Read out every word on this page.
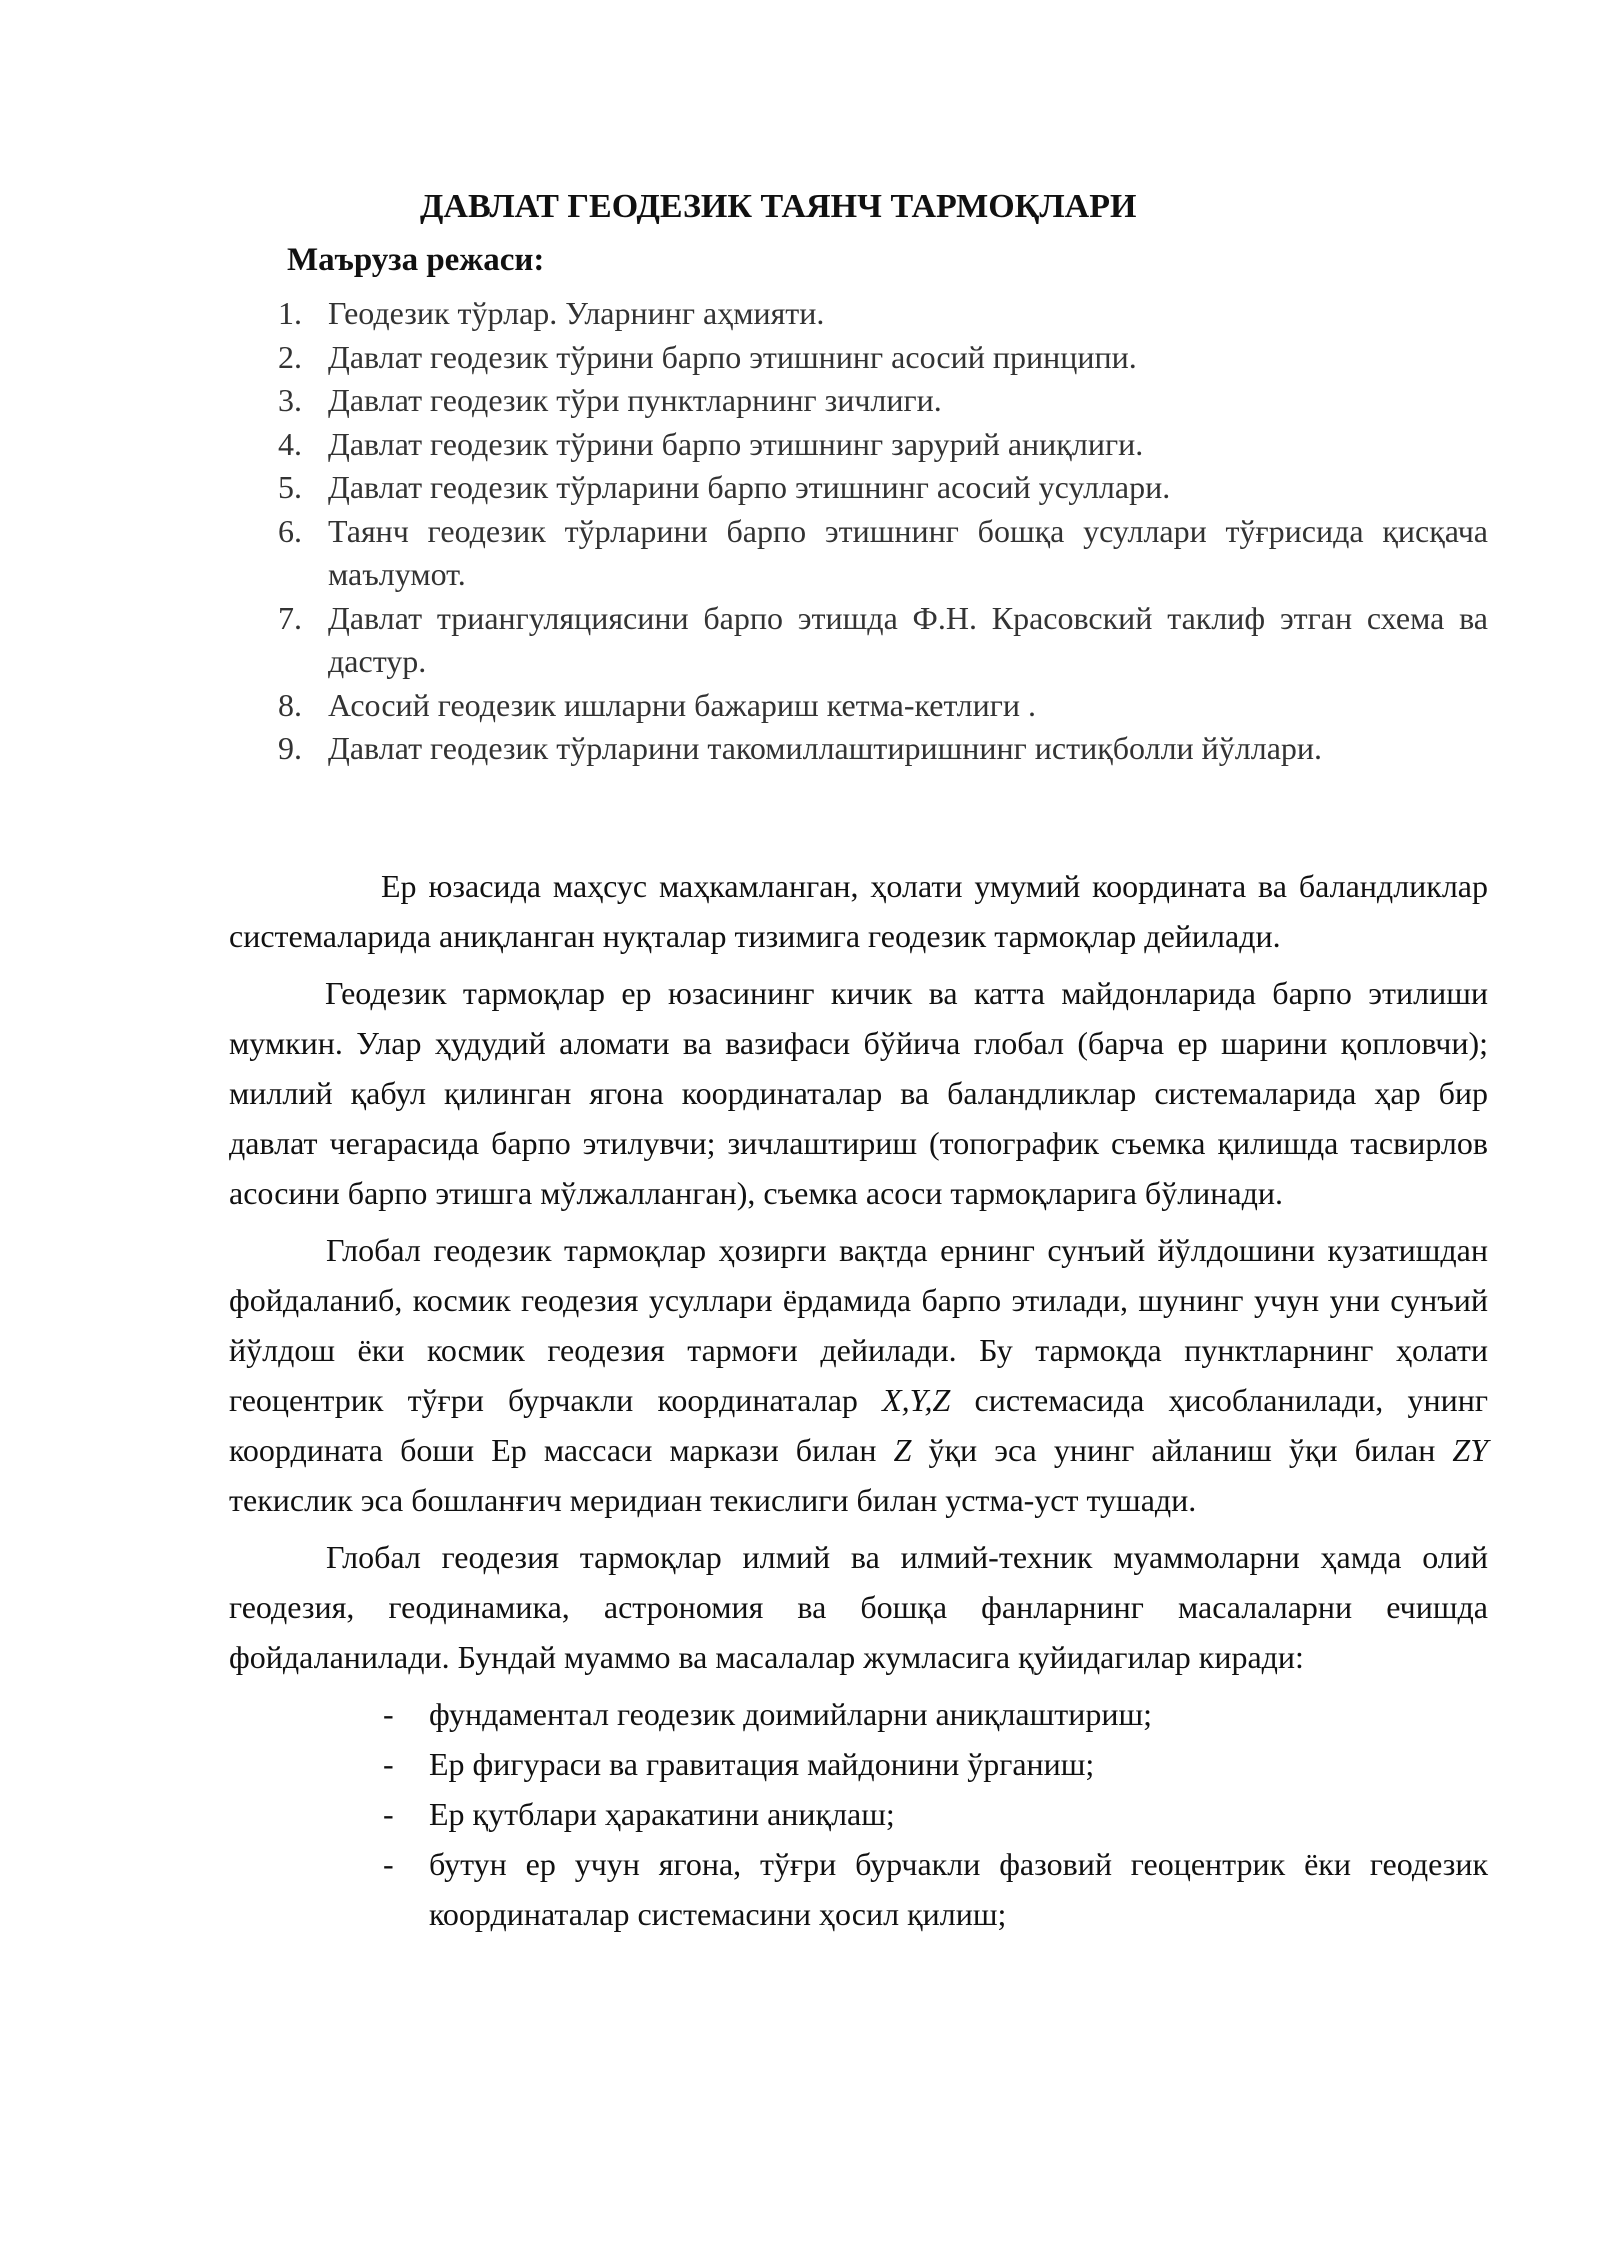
ДАВЛАТ ГЕОДЕЗИК ТАЯНЧ ТАРМОҚЛАРИ
Маъруза режаси:
1. Геодезик тўрлар. Уларнинг аҳмияти.
2. Давлат геодезик тўрини барпо этишнинг асосий принципи.
3. Давлат геодезик тўри пунктларнинг зичлиги.
4. Давлат геодезик тўрини барпо этишнинг зарурий аниқлиги.
5. Давлат геодезик тўрларини барпо этишнинг асосий усуллари.
6. Таянч геодезик тўрларини барпо этишнинг бошқа усуллари тўғрисида қисқача маълумот.
7. Давлат триангуляциясини барпо этишда Ф.Н. Красовский таклиф этган схема ва дастур.
8. Асосий геодезик ишларни бажариш кетма-кетлиги .
9. Давлат геодезик тўрларини такомиллаштиришнинг истиқболли йўллари.

Ер юзасида маҳсус маҳкамланган, ҳолати умумий координата ва баландликлар системаларида аниқланган нуқталар тизимига геодезик тармоқлар дейилади.

Геодезик тармоқлар ер юзасининг кичик ва катта майдонларида барпо этилиши мумкин. Улар ҳудудий аломати ва вазифаси бўйича глобал (барча ер шарини қопловчи); миллий қабул қилинган ягона координаталар ва баландликлар системаларида ҳар бир давлат чегарасида барпо этилувчи; зичлаштириш (топографик съемка қилишда тасвирлов асосини барпо этишга мўлжалланган), съемка асоси тармоқларига бўлинади.

Глобал геодезик тармоқлар ҳозирги вақтда ернинг сунъий йўлдошини кузатишдан фойдаланиб, космик геодезия усуллари ёрдамида барпо этилади, шунинг учун уни сунъий йўлдош ёки космик геодезия тармоғи дейилади. Бу тармоқда пунктларнинг ҳолати геоцентрик тўғри бурчакли координаталар X,Y,Z системасида ҳисобланилади, унинг координата боши Ер массаси маркази билан Z ўқи эса унинг айланиш ўқи билан ZY текислик эса бошланғич меридиан текислиги билан устма-уст тушади.

Глобал геодезия тармоқлар илмий ва илмий-техник муаммоларни ҳамда олий геодезия, геодинамика, астрономия ва бошқа фанларнинг масалаларни ечишда фойдаланилади. Бундай муаммо ва масалалар жумласига қуйидагилар киради:

- фундаментал геодезик доимийларни аниқлаштириш;
- Ер фигураси ва гравитация майдонини ўрганиш;
- Ер қутблари ҳаракатини аниқлаш;
- бутун ер учун ягона, тўғри бурчакли фазовий геоцентрик ёки геодезик координаталар системасини ҳосил қилиш;
